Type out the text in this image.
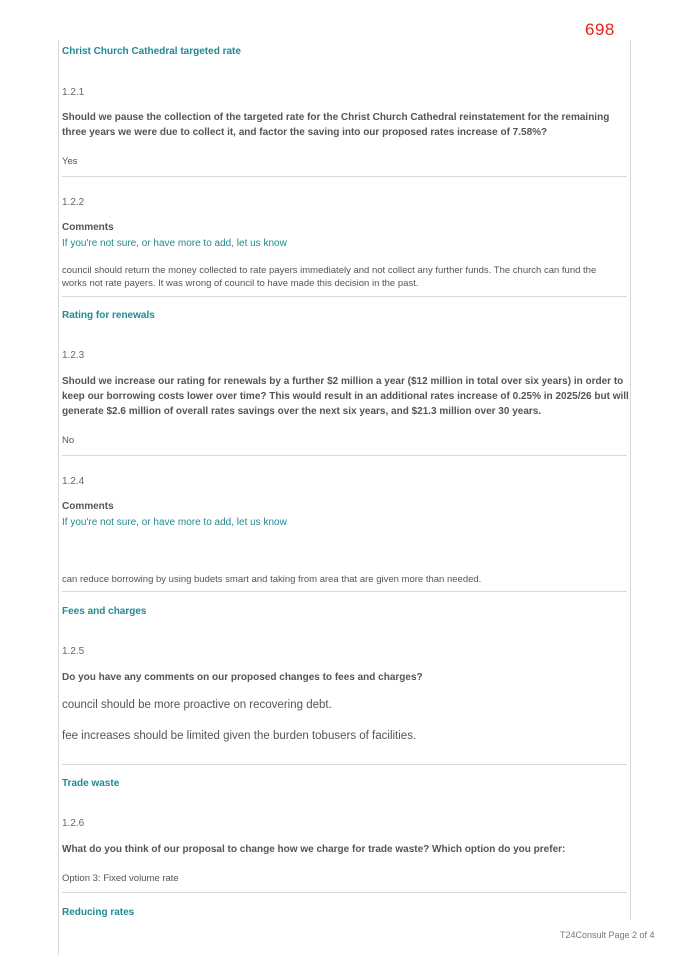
698
Christ Church Cathedral targeted rate
1.2.1
Should we pause the collection of the targeted rate for the Christ Church Cathedral reinstatement for the remaining three years we were due to collect it, and factor the saving into our proposed rates increase of 7.58%?
Yes
1.2.2
Comments
If you're not sure, or have more to add, let us know
council should return the money collected to rate payers immediately and not collect any further funds. The church can fund the works not rate payers. It was wrong of council to have made this decision in the past.
Rating for renewals
1.2.3
Should we increase our rating for renewals by a further $2 million a year ($12 million in total over six years) in order to keep our borrowing costs lower over time? This would result in an additional rates increase of 0.25% in 2025/26 but will generate $2.6 million of overall rates savings over the next six years, and $21.3 million over 30 years.
No
1.2.4
Comments
If you're not sure, or have more to add, let us know
can reduce borrowing by using budets smart and taking from area that are given more than needed.
Fees and charges
1.2.5
Do you have any comments on our proposed changes to fees and charges?
council should be more proactive on recovering debt.
fee increases should be limited given the burden tobusers of facilities.
Trade waste
1.2.6
What do you think of our proposal to change how we charge for trade waste? Which option do you prefer:
Option 3: Fixed volume rate
Reducing rates
T24Consult Page 2 of 4
